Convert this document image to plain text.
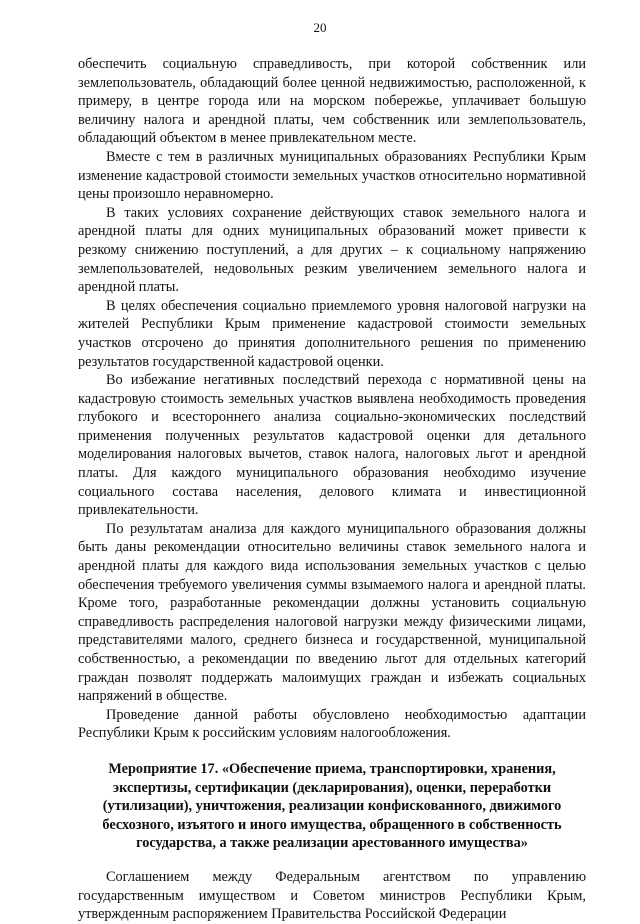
20

обеспечить социальную справедливость, при которой собственник или землепользователь, обладающий более ценной недвижимостью, расположенной, к примеру, в центре города или на морском побережье, уплачивает большую величину налога и арендной платы, чем собственник или землепользователь, обладающий объектом в менее привлекательном месте.

Вместе с тем в различных муниципальных образованиях Республики Крым изменение кадастровой стоимости земельных участков относительно нормативной цены произошло неравномерно.

В таких условиях сохранение действующих ставок земельного налога и арендной платы для одних муниципальных образований может привести к резкому снижению поступлений, а для других – к социальному напряжению землепользователей, недовольных резким увеличением земельного налога и арендной платы.

В целях обеспечения социально приемлемого уровня налоговой нагрузки на жителей Республики Крым применение кадастровой стоимости земельных участков отсрочено до принятия дополнительного решения по применению результатов государственной кадастровой оценки.

Во избежание негативных последствий перехода с нормативной цены на кадастровую стоимость земельных участков выявлена необходимость проведения глубокого и всестороннего анализа социально-экономических последствий применения полученных результатов кадастровой оценки для детального моделирования налоговых вычетов, ставок налога, налоговых льгот и арендной платы. Для каждого муниципального образования необходимо изучение социального состава населения, делового климата и инвестиционной привлекательности.

По результатам анализа для каждого муниципального образования должны быть даны рекомендации относительно величины ставок земельного налога и арендной платы для каждого вида использования земельных участков с целью обеспечения требуемого увеличения суммы взымаемого налога и арендной платы. Кроме того, разработанные рекомендации должны установить социальную справедливость распределения налоговой нагрузки между физическими лицами, представителями малого, среднего бизнеса и государственной, муниципальной собственностью, а рекомендации по введению льгот для отдельных категорий граждан позволят поддержать малоимущих граждан и избежать социальных напряжений в обществе.

Проведение данной работы обусловлено необходимостью адаптации Республики Крым к российским условиям налогообложения.

Мероприятие 17. «Обеспечение приема, транспортировки, хранения, экспертизы, сертификации (декларирования), оценки, переработки (утилизации), уничтожения, реализации конфискованного, движимого бесхозного, изъятого и иного имущества, обращенного в собственность государства, а также реализации арестованного имущества»

Соглашением между Федеральным агентством по управлению государственным имуществом и Советом министров Республики Крым, утвержденным распоряжением Правительства Российской Федерации
